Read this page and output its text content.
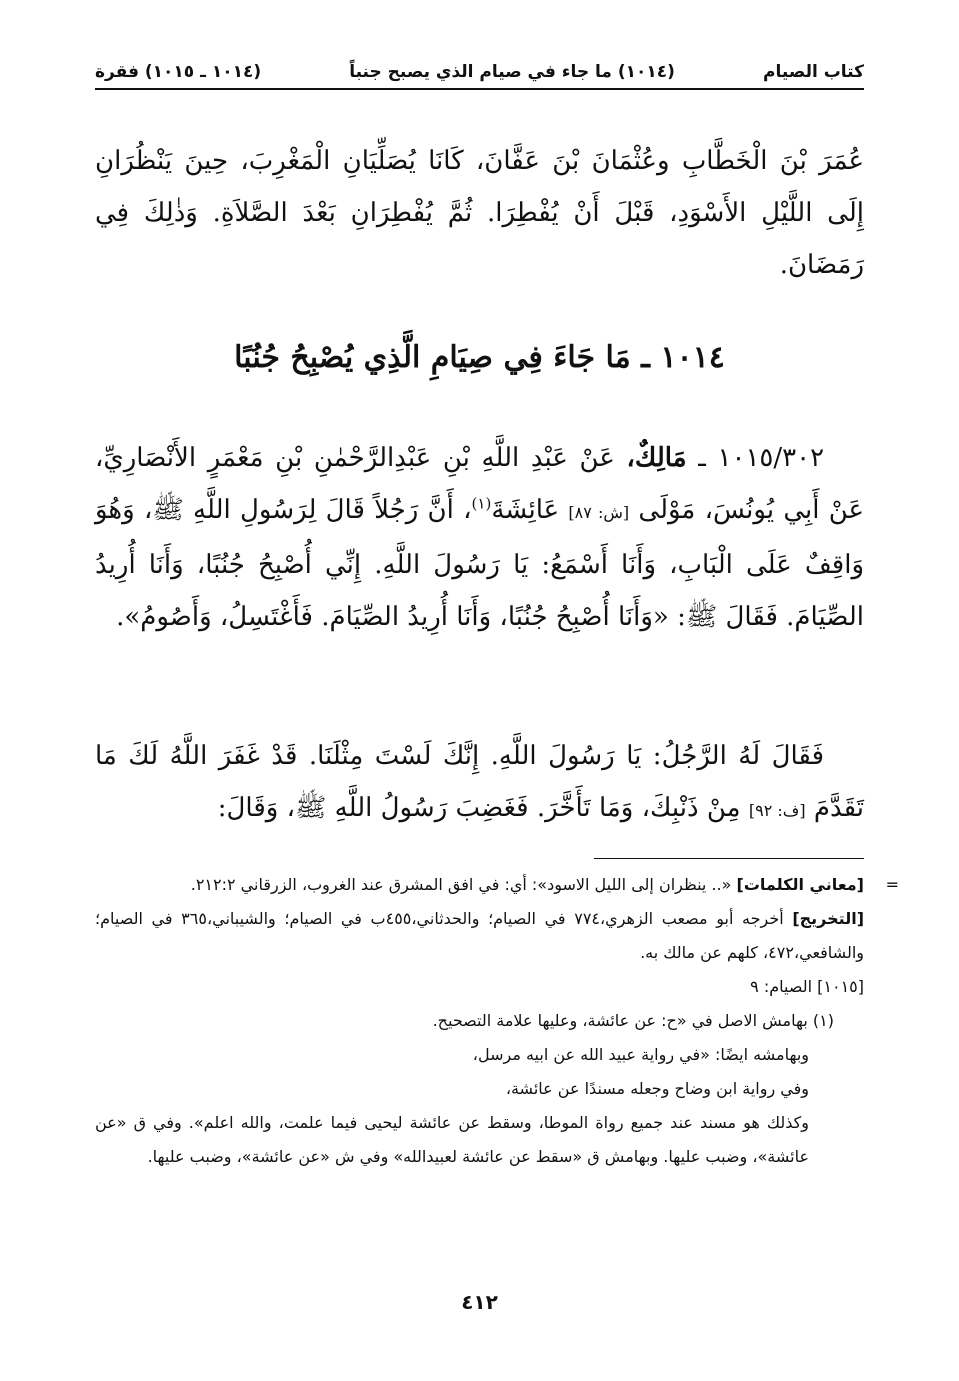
كتاب الصيام
(١٠١٤) ما جاء في صيام الذي يصبح جنباً
(١٠١٤ ـ ١٠١٥) فقرة
عُمَرَ بْنَ الْخَطَّابِ وعُثْمَانَ بْنَ عَفَّانَ، كَانَا يُصَلِّيَانِ الْمَغْرِبَ، حِينَ يَنْظُرَانِ إِلَى اللَّيْلِ الأَسْوَدِ، قَبْلَ أَنْ يُفْطِرَا. ثُمَّ يُفْطِرَانِ بَعْدَ الصَّلاَةِ. وَذٰلِكَ فِي رَمَضَانَ.
١٠١٤ ـ مَا جَاءَ فِي صِيَامِ الَّذِي يُصْبِحُ جُنُبًا
١٠١٥/٣٠٢ ـ مَالِكٌ، عَنْ عَبْدِ اللَّهِ بْنِ عَبْدِالرَّحْمٰنِ بْنِ مَعْمَرٍ الأَنْصَارِيِّ، عَنْ أَبِي يُونُسَ، مَوْلَى [ش: ٨٧] عَائِشَةَ$^{(١)}$، أَنَّ رَجُلاً قَالَ لِرَسُولِ اللَّهِ ﷺ، وَهُوَ وَاقِفٌ عَلَى الْبَابِ، وَأَنَا أَسْمَعُ: يَا رَسُولَ اللَّهِ. إِنِّي أُصْبِحُ جُنُبًا، وَأَنَا أُرِيدُ الصِّيَامَ. فَقَالَ ﷺ: «وَأَنَا أُصْبِحُ جُنُبًا، وَأَنَا أُرِيدُ الصِّيَامَ. فَأَغْتَسِلُ، وَأَصُومُ».
فَقَالَ لَهُ الرَّجُلُ: يَا رَسُولَ اللَّهِ. إِنَّكَ لَسْتَ مِثْلَنَا. قَدْ غَفَرَ اللَّهُ لَكَ مَا تَقَدَّمَ [ف: ٩٢] مِنْ ذَنْبِكَ، وَمَا تَأَخَّرَ. فَغَضِبَ رَسُولُ اللَّهِ ﷺ، وَقَالَ:
=
[معاني الكلمات] «.. ينظران إلى الليل الاسود»: أي: في افق المشرق عند الغروب، الزرقاني ٢١٢:٢.
[التخريج] أخرجه أبو مصعب الزهري،٧٧٤ في الصيام؛ والحدثاني،٤٥٥ب في الصيام؛ والشيباني،٣٦٥ في الصيام؛ والشافعي،٤٧٢، كلهم عن مالك به.
[١٠١٥] الصيام: ٩
(١) بهامش الاصل في «ح: عن عائشة، وعليها علامة التصحيح.
وبهامشه ايضًا: «في رواية عبيد الله عن ابيه مرسل،
وفي رواية ابن وضاح وجعله مسندًا عن عائشة،
وكذلك هو مسند عند جميع رواة الموطا، وسقط عن عائشة ليحيى فيما علمت، والله اعلم». وفي ق «عن عائشة»، وضبب عليها. وبهامش ق «سقط عن عائشة لعبيدالله» وفي ش «عن عائشة»، وضبب عليها.
٤١٢
